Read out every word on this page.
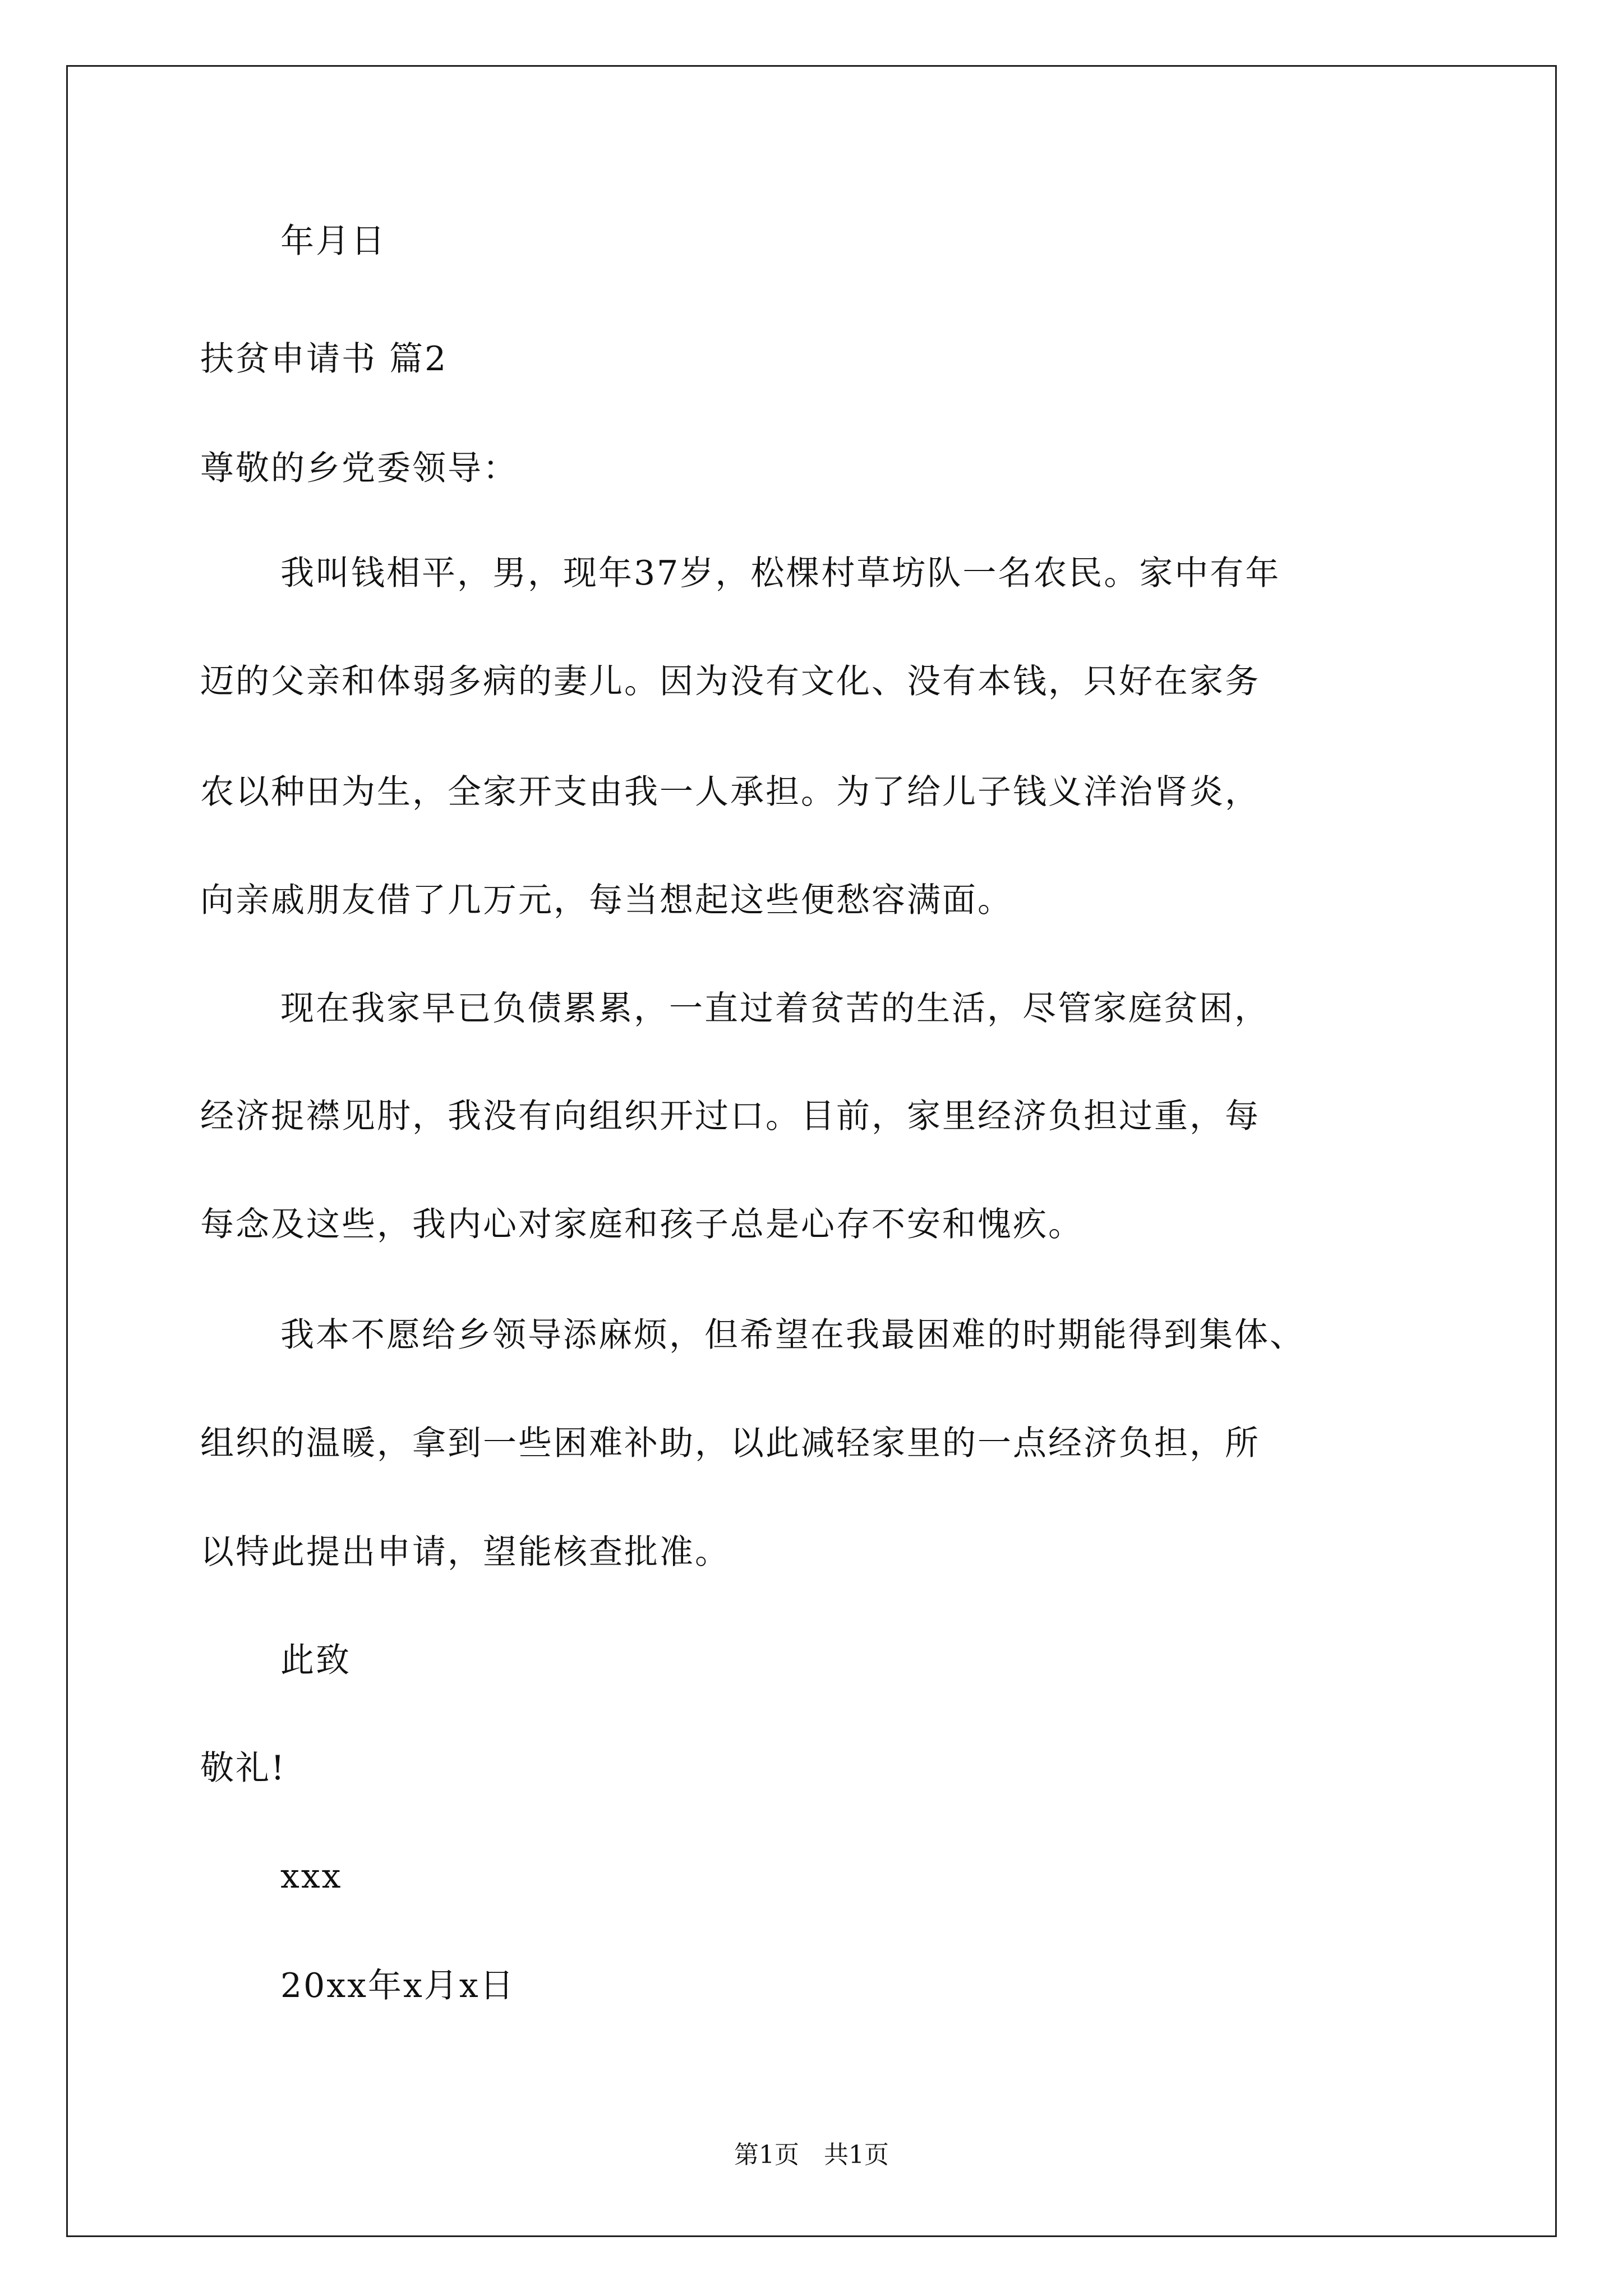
年月日
扶贫申请书 篇2
尊敬的乡党委领导：
我叫钱相平，男，现年37岁，松棵村草坊队一名农民。家中有年
迈的父亲和体弱多病的妻儿。因为没有文化、没有本钱，只好在家务
农以种田为生，全家开支由我一人承担。为了给儿子钱义洋治肾炎，
向亲戚朋友借了几万元，每当想起这些便愁容满面。
现在我家早已负债累累，一直过着贫苦的生活，尽管家庭贫困，
经济捉襟见肘，我没有向组织开过口。目前，家里经济负担过重，每
每念及这些，我内心对家庭和孩子总是心存不安和愧疚。
我本不愿给乡领导添麻烦，但希望在我最困难的时期能得到集体、
组织的温暖，拿到一些困难补助，以此减轻家里的一点经济负担，所
以特此提出申请，望能核查批准。
此致
敬礼!
xxx
20xx年x月x日
第1页　共1页
